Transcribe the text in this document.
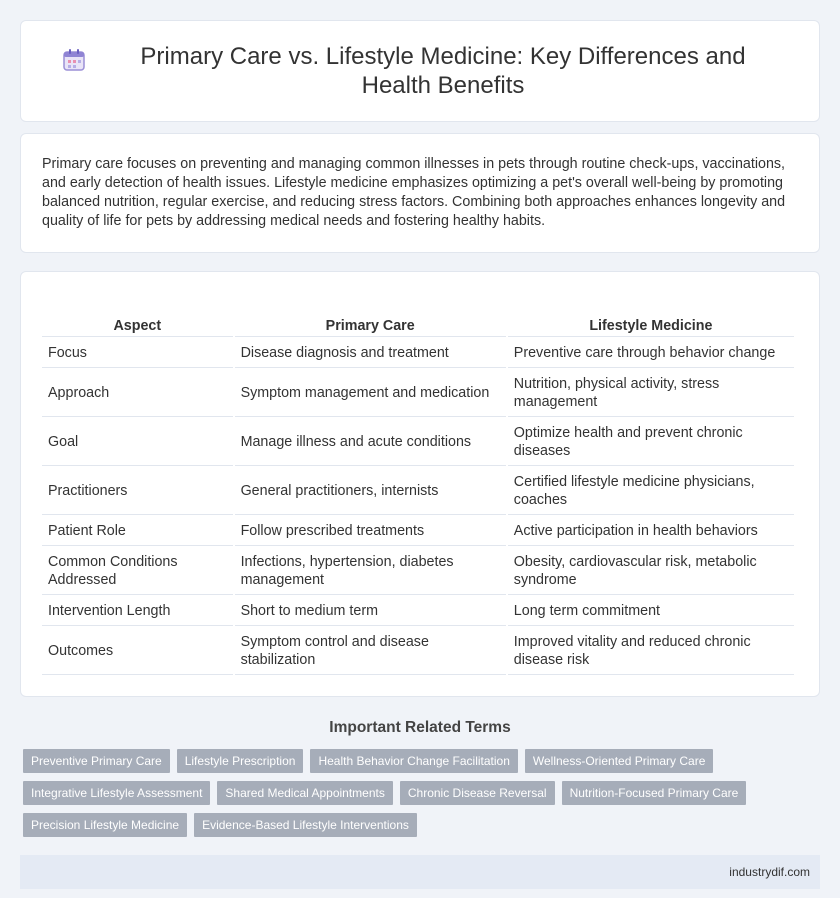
Primary Care vs. Lifestyle Medicine: Key Differences and Health Benefits

Primary care focuses on preventing and managing common illnesses in pets through routine check-ups, vaccinations, and early detection of health issues. Lifestyle medicine emphasizes optimizing a pet's overall well-being by promoting balanced nutrition, regular exercise, and reducing stress factors. Combining both approaches enhances longevity and quality of life for pets by addressing medical needs and fostering healthy habits.

Aspect	Primary Care	Lifestyle Medicine
Focus	Disease diagnosis and treatment	Preventive care through behavior change
Approach	Symptom management and medication	Nutrition, physical activity, stress management
Goal	Manage illness and acute conditions	Optimize health and prevent chronic diseases
Practitioners	General practitioners, internists	Certified lifestyle medicine physicians, coaches
Patient Role	Follow prescribed treatments	Active participation in health behaviors
Common Conditions Addressed	Infections, hypertension, diabetes management	Obesity, cardiovascular risk, metabolic syndrome
Intervention Length	Short to medium term	Long term commitment
Outcomes	Symptom control and disease stabilization	Improved vitality and reduced chronic disease risk
Important Related Terms
Preventive Primary Care	Lifestyle Prescription	Health Behavior Change Facilitation	Wellness-Oriented Primary Care
Integrative Lifestyle Assessment	Shared Medical Appointments	Chronic Disease Reversal	Nutrition-Focused Primary Care
Precision Lifestyle Medicine	Evidence-Based Lifestyle Interventions
industrydif.com
